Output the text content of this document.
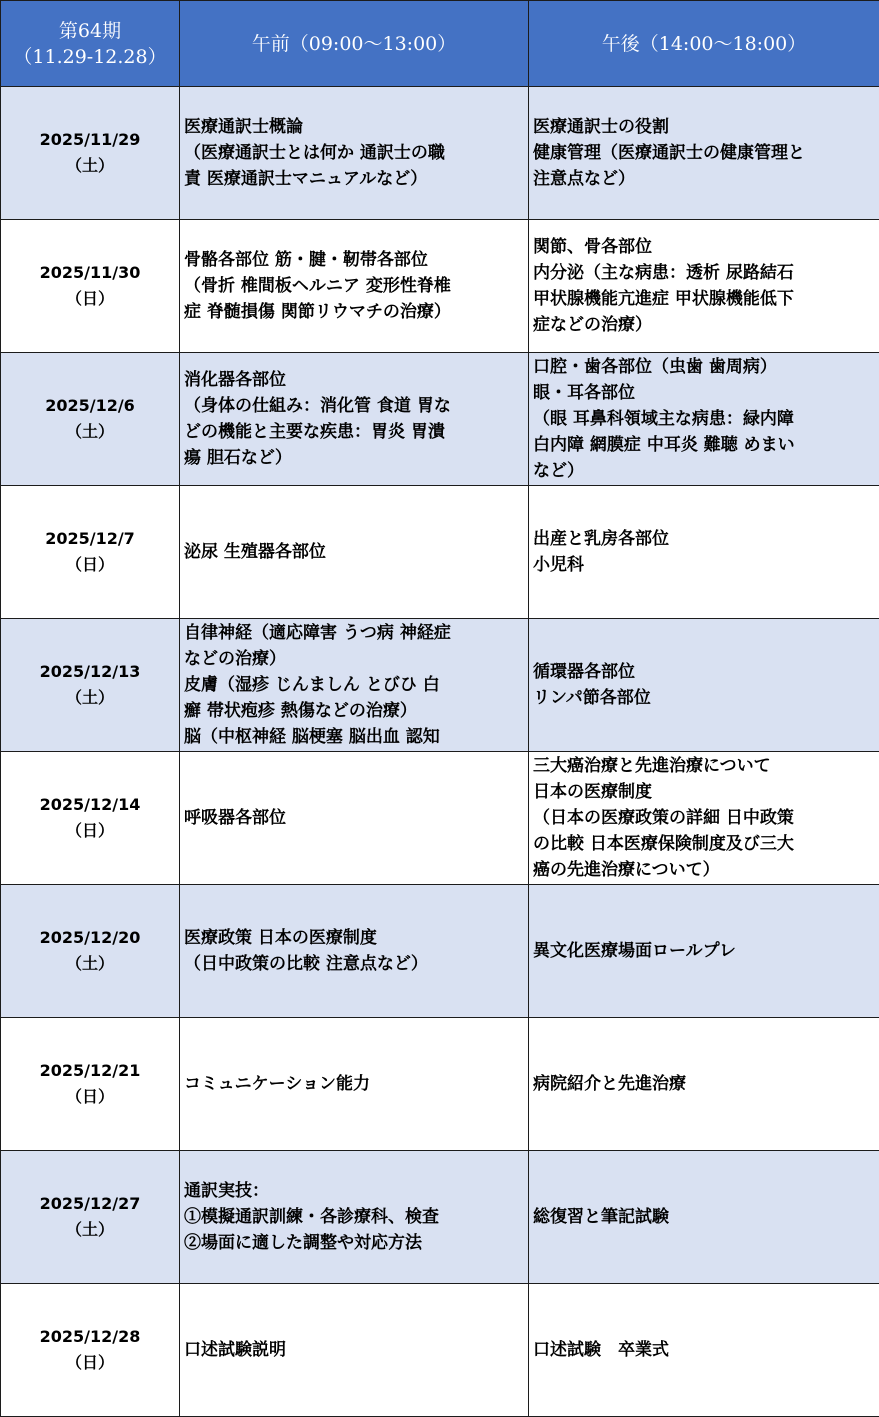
第64期
（11.29-12.28）	午前（09:00～13:00）	午後（14:00～18:00）

2025/11/29
（土）	医療通訳士概論
（医療通訳士とは何か 通訳士の職
責 医療通訳士マニュアルなど）	医療通訳士の役割
健康管理（医療通訳士の健康管理と
注意点など）

2025/11/30
（日）	骨骼各部位 筋・腱・靭帯各部位
（骨折 椎間板ヘルニア 変形性脊椎
症 脊髄損傷 関節リウマチの治療）	関節、骨各部位
内分泌（主な病患：透析 尿路結石
甲状腺機能亢進症 甲状腺機能低下
症などの治療）

2025/12/6
（土）	消化器各部位
（身体の仕組み：消化管 食道 胃な
どの機能と主要な疾患：胃炎 胃潰
瘍 胆石など）	口腔・歯各部位（虫歯 歯周病）
眼・耳各部位
（眼 耳鼻科領域主な病患：緑内障
白内障 網膜症 中耳炎 難聴 めまい
など）

2025/12/7
（日）	泌尿 生殖器各部位	出産と乳房各部位
小児科

2025/12/13
（土）	自律神経（適応障害 うつ病 神経症
などの治療）
皮膚（湿疹 じんましん とびひ 白
癬 帯状疱疹 熱傷などの治療）
脳（中枢神経 脳梗塞 脳出血 認知	循環器各部位
リンパ節各部位

2025/12/14
（日）	呼吸器各部位	三大癌治療と先進治療について
日本の医療制度
（日本の医療政策の詳細 日中政策
の比較 日本医療保険制度及び三大
癌の先進治療について）

2025/12/20
（土）	医療政策 日本の医療制度
（日中政策の比較 注意点など）	異文化医療場面ロールプレ

2025/12/21
（日）	コミュニケーション能力	病院紹介と先進治療

2025/12/27
（土）	通訳実技：
①模擬通訳訓練・各診療科、検査
②場面に適した調整や対応方法	総復習と筆記試験

2025/12/28
（日）	口述試験説明	口述試験　卒業式
